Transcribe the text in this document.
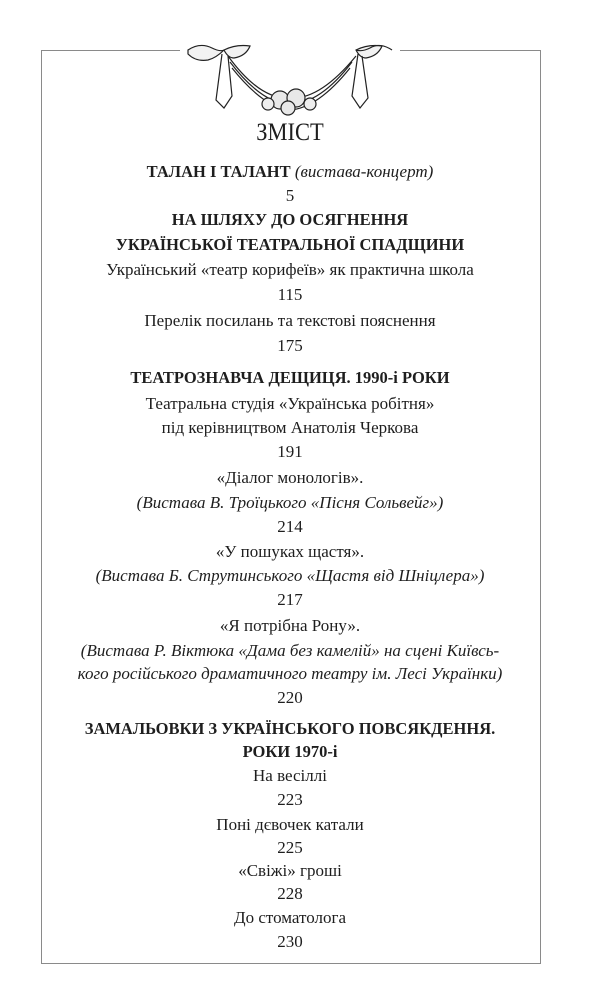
ЗМІСТ
ТАЛАН І ТАЛАНТ (вистава-концерт)
5
НА ШЛЯХУ ДО ОСЯГНЕННЯ
УКРАЇНСЬКОЇ ТЕАТРАЛЬНОЇ СПАДЩИНИ
Український «театр корифеїв» як практична школа
115
Перелік посилань та текстові пояснення
175
ТЕАТРОЗНАВЧА ДЕЩИЦЯ. 1990-і РОКИ
Театральна студія «Українська робітня»
під керівництвом Анатолія Черкова
191
«Діалог монологів».
(Вистава В. Троїцького «Пісня Сольвейг»)
214
«У пошуках щастя».
(Вистава Б. Струтинського «Щастя від Шніцлера»)
217
«Я потрібна Рону».
(Вистава Р. Віктюка «Дама без камелій» на сцені Київсь-
кого російського драматичного театру ім. Лесі Українки)
220
ЗАМАЛЬОВКИ З УКРАЇНСЬКОГО ПОВСЯКДЕННЯ.
РОКИ 1970-і
На весіллі
223
Поні дєвочек катали
225
«Свіжі» гроші
228
До стоматолога
230
